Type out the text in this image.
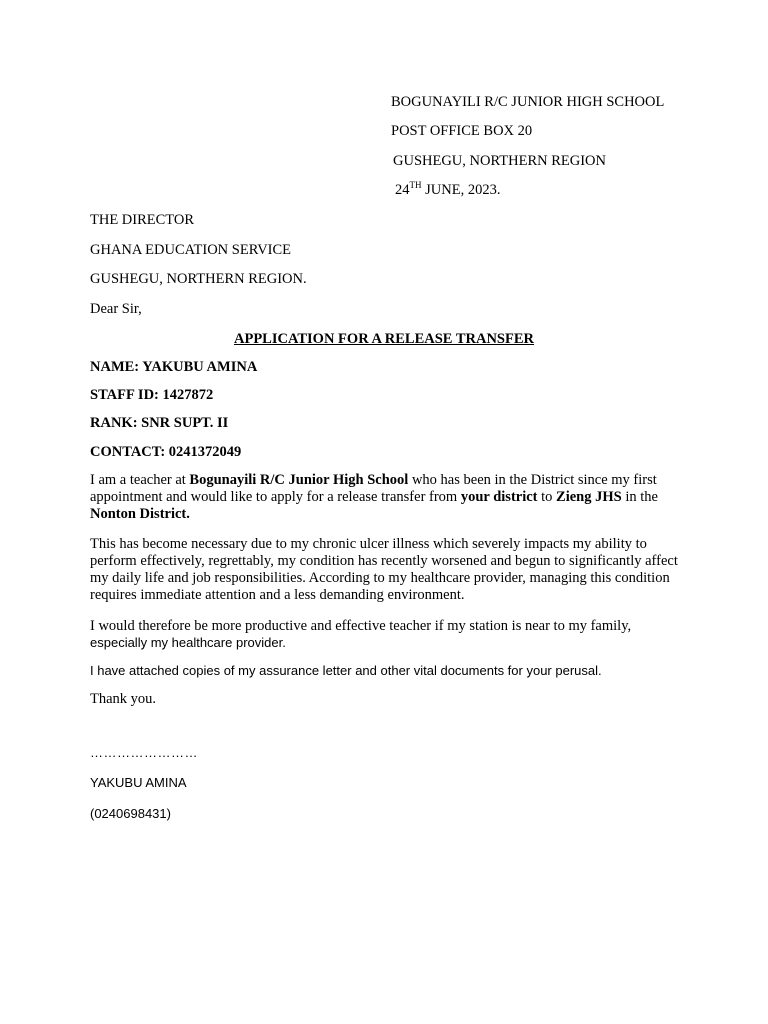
BOGUNAYILI R/C JUNIOR HIGH SCHOOL
POST OFFICE BOX 20
GUSHEGU, NORTHERN REGION
24TH JUNE, 2023.
THE DIRECTOR
GHANA EDUCATION SERVICE
GUSHEGU, NORTHERN REGION.
Dear Sir,
APPLICATION FOR A RELEASE TRANSFER
NAME: YAKUBU AMINA
STAFF ID: 1427872
RANK: SNR SUPT. II
CONTACT: 0241372049
I am a teacher at Bogunayili R/C Junior High School who has been in the District since my first appointment and would like to apply for a release transfer from your district to Zieng JHS in the Nonton District.
This has become necessary due to my chronic ulcer illness which severely impacts my ability to perform effectively, regrettably, my condition has recently worsened and begun to significantly affect my daily life and job responsibilities. According to my healthcare provider, managing this condition requires immediate attention and a less demanding environment.
I would therefore be more productive and effective teacher if my station is near to my family,
especially my healthcare provider.
I have attached copies of my assurance letter and other vital documents for your perusal.
Thank you.
……………………
YAKUBU AMINA
(0240698431)
